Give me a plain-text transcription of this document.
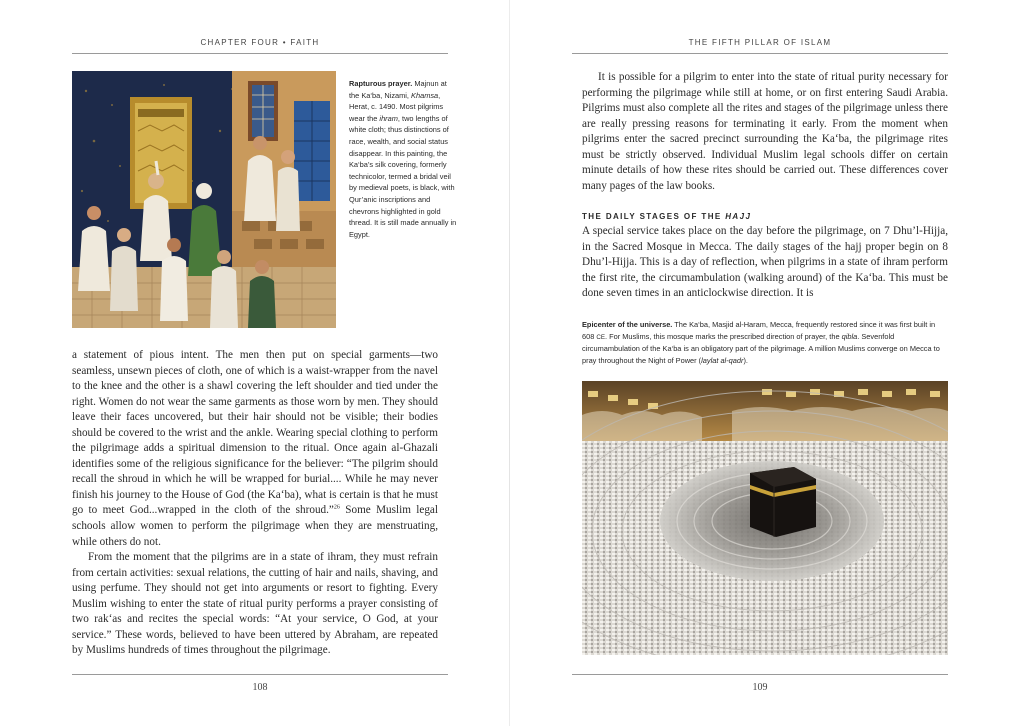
CHAPTER FOUR • FAITH
Rapturous prayer. Majnun at the Ka‘ba, Nizami, Khamsa, Herat, c. 1490. Most pilgrims wear the ihram, two lengths of white cloth; thus distinctions of race, wealth, and social status disappear. In this painting, the Ka‘ba’s silk covering, formerly technicolor, termed a bridal veil by medieval poets, is black, with Qur’anic inscriptions and chevrons highlighted in gold thread. It is still made annually in Egypt.

a statement of pious intent. The men then put on special garments—two seamless, unsewn pieces of cloth, one of which is a waist-wrapper from the navel to the knee and the other is a shawl covering the left shoulder and tied under the right. Women do not wear the same garments as those worn by men. They should leave their faces uncovered, but their hair should not be visible; their bodies should be covered to the wrist and the ankle. Wearing special clothing to perform the pilgrimage adds a spiritual dimension to the ritual. Once again al-Ghazali identifies some of the religious significance for the believer: “The pilgrim should recall the shroud in which he will be wrapped for burial.... While he may never finish his journey to the House of God (the Ka‘ba), what is certain is that he must go to meet God...wrapped in the cloth of the shroud.”$^{26}$ Some Muslim legal schools allow women to perform the pilgrimage when they are menstruating, while others do not.

From the moment that the pilgrims are in a state of ihram, they must refrain from certain activities: sexual relations, the cutting of hair and nails, shaving, and using perfume. They should not get into arguments or resort to fighting. Every Muslim wishing to enter the state of ritual purity performs a prayer consisting of two rak‘as and recites the special words: “At your service, O God, at your service.” These words, believed to have been uttered by Abraham, are repeated by Muslims hundreds of times throughout the pilgrimage.

108
THE FIFTH PILLAR OF ISLAM

It is possible for a pilgrim to enter into the state of ritual purity necessary for performing the pilgrimage while still at home, or on first entering Saudi Arabia. Pilgrims must also complete all the rites and stages of the pilgrimage unless there are really pressing reasons for terminating it early. From the moment when pilgrims enter the sacred precinct surrounding the Ka‘ba, the pilgrimage rites must be strictly observed. Individual Muslim legal schools differ on certain minute details of how these rites should be carried out. These differences cover many pages of the law books.

THE DAILY STAGES OF THE HAJJ

A special service takes place on the day before the pilgrimage, on 7 Dhu’l-Hijja, in the Sacred Mosque in Mecca. The daily stages of the hajj proper begin on 8 Dhu’l-Hijja. This is a day of reflection, when pilgrims in a state of ihram perform the first rite, the circumambulation (walking around) of the Ka‘ba. This must be done seven times in an anticlockwise direction. It is

Epicenter of the universe. The Ka‘ba, Masjid al-Haram, Mecca, frequently restored since it was first built in 608 CE. For Muslims, this mosque marks the prescribed direction of prayer, the qibla. Sevenfold circumambulation of the Ka‘ba is an obligatory part of the pilgrimage. A million Muslims converge on Mecca to pray throughout the Night of Power (laylat al-qadr).
109
